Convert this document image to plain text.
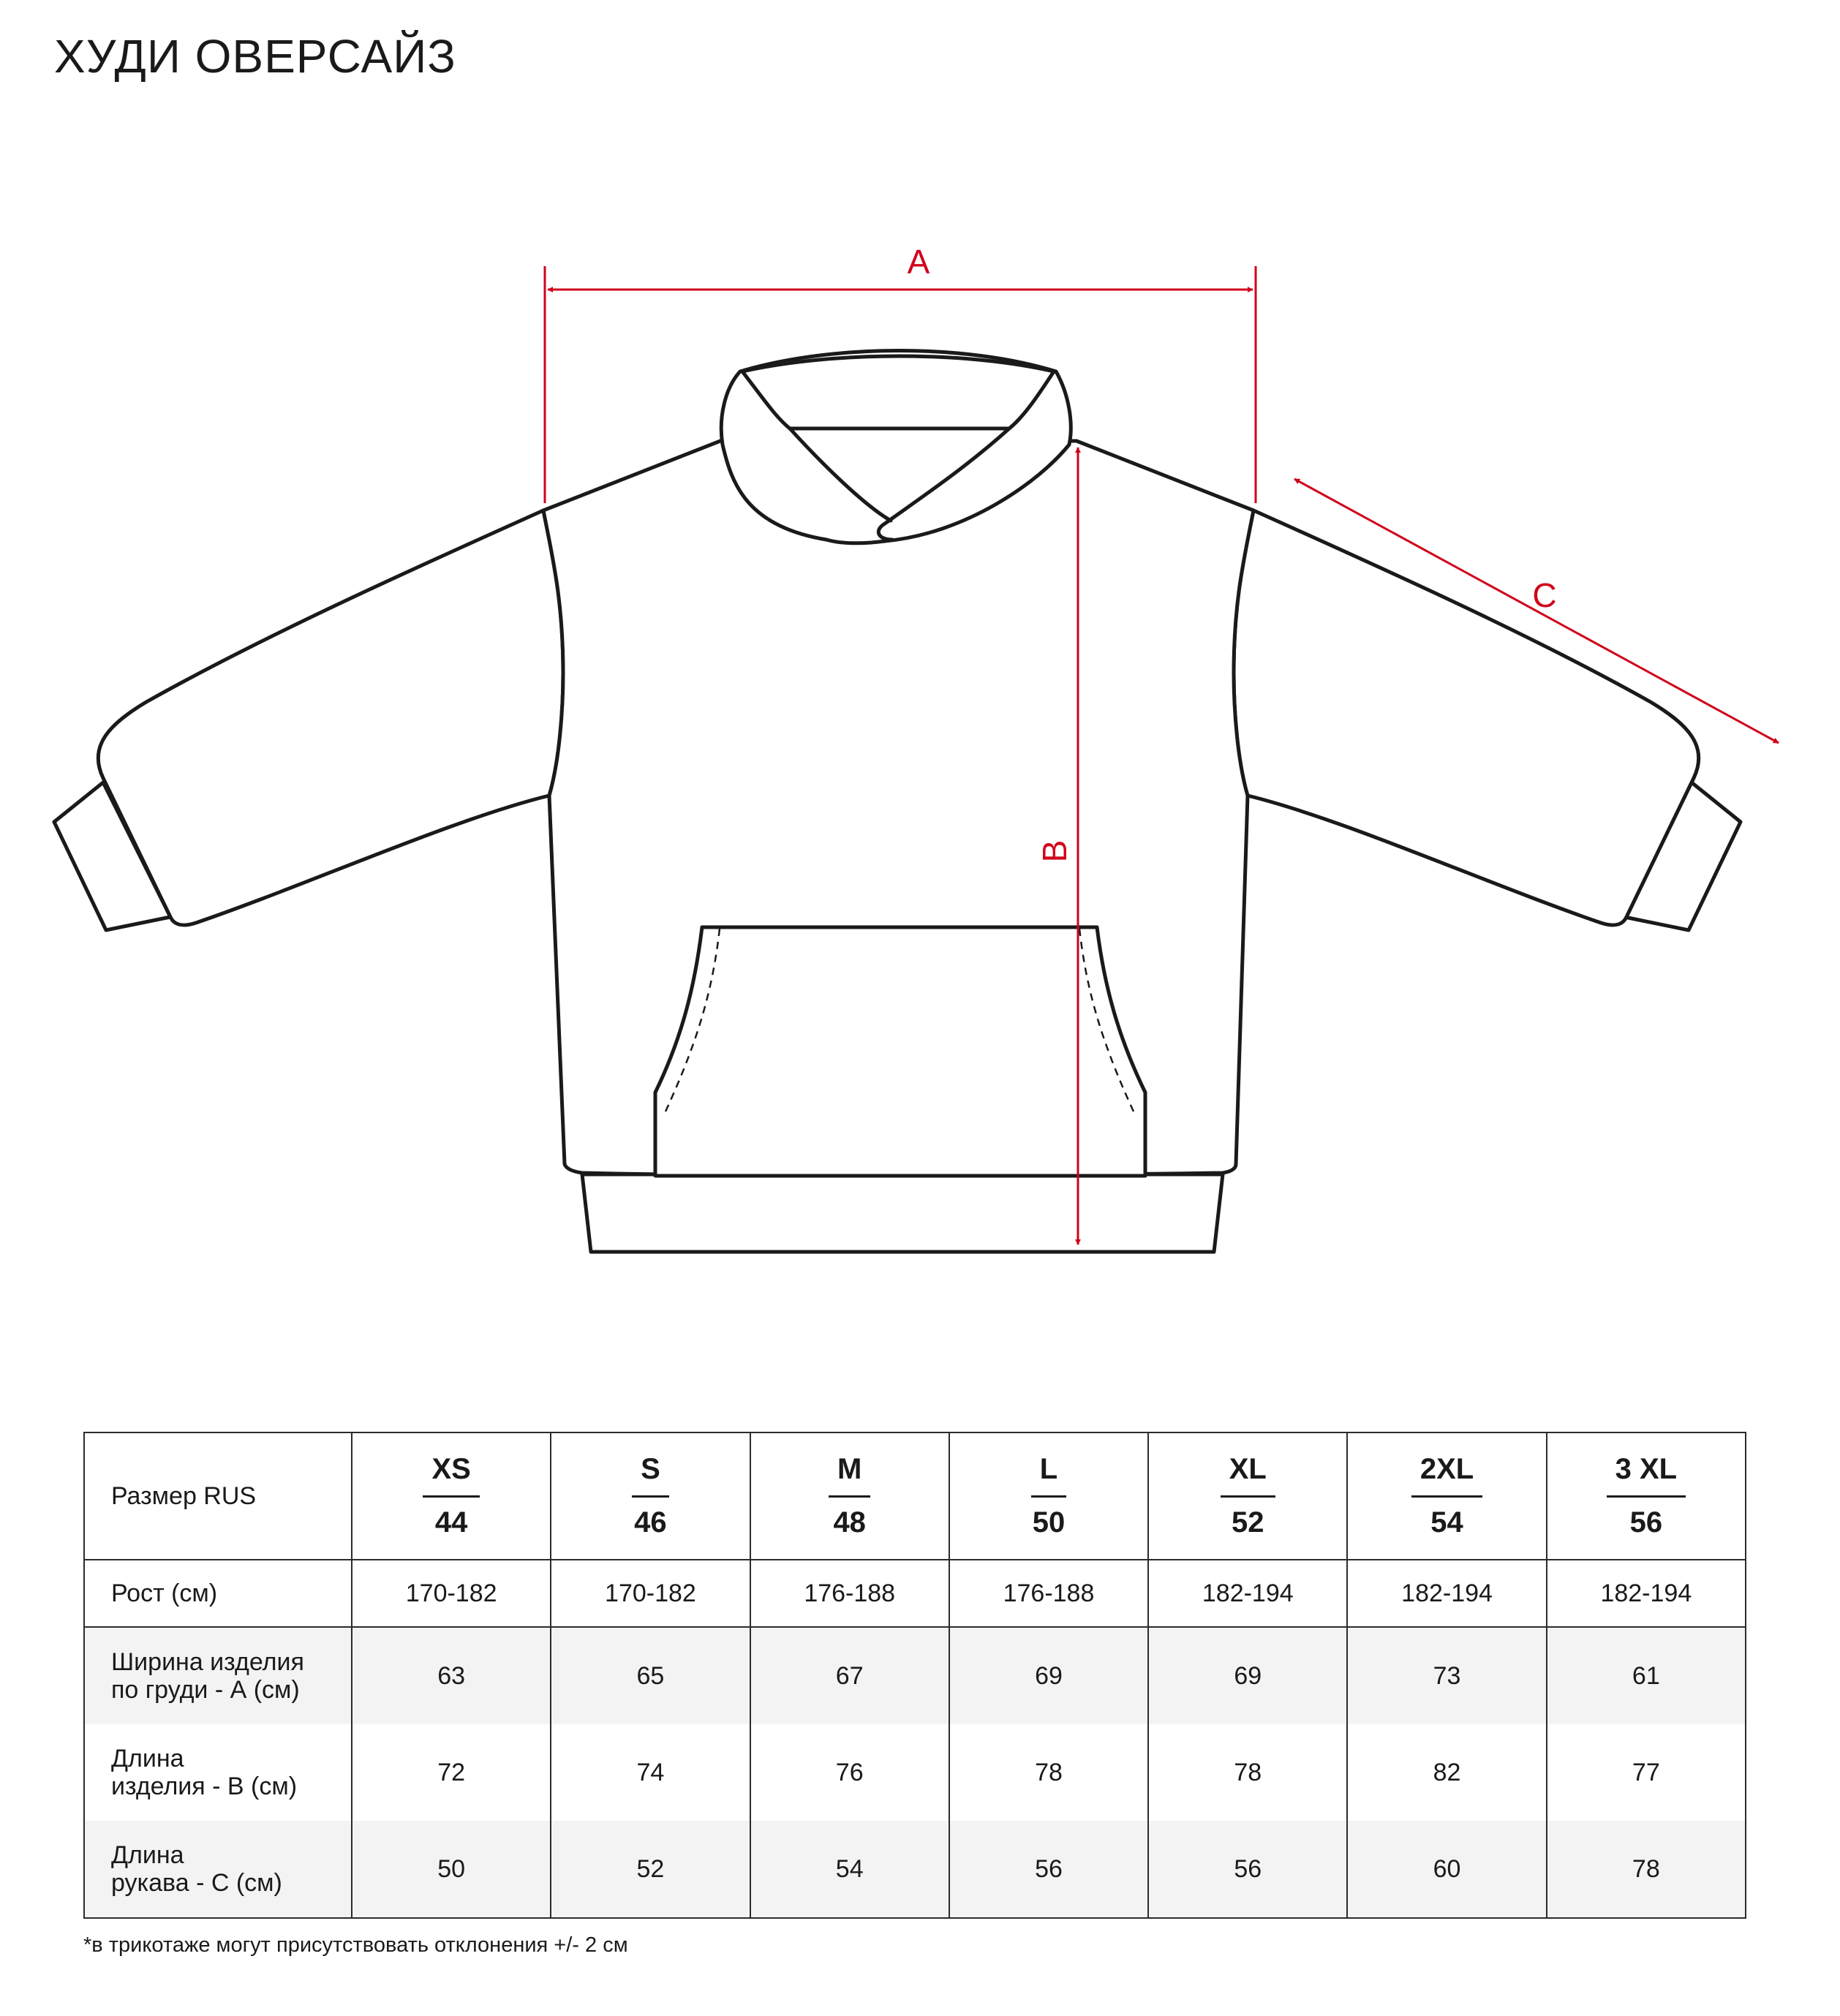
ХУДИ ОВЕРСАЙЗ
A
B
C
Размер RUS	$\frac{XS}{44}$	$\frac{S}{46}$	$\frac{M}{48}$	$\frac{L}{50}$	$\frac{XL}{52}$	$\frac{2XL}{54}$	$\frac{3 XL}{56}$

Рост (см)	170-182	170-182	176-188	176-188	182-194	182-194	182-194
Ширина изделия
по груди - А (см)	63	65	67	69	69	73	61
Длина
изделия - В (см)	72	74	76	78	78	82	77
Длина
рукава - С (см)	50	52	54	56	56	60	78

*в трикотаже могут присутствовать отклонения +/- 2 см
